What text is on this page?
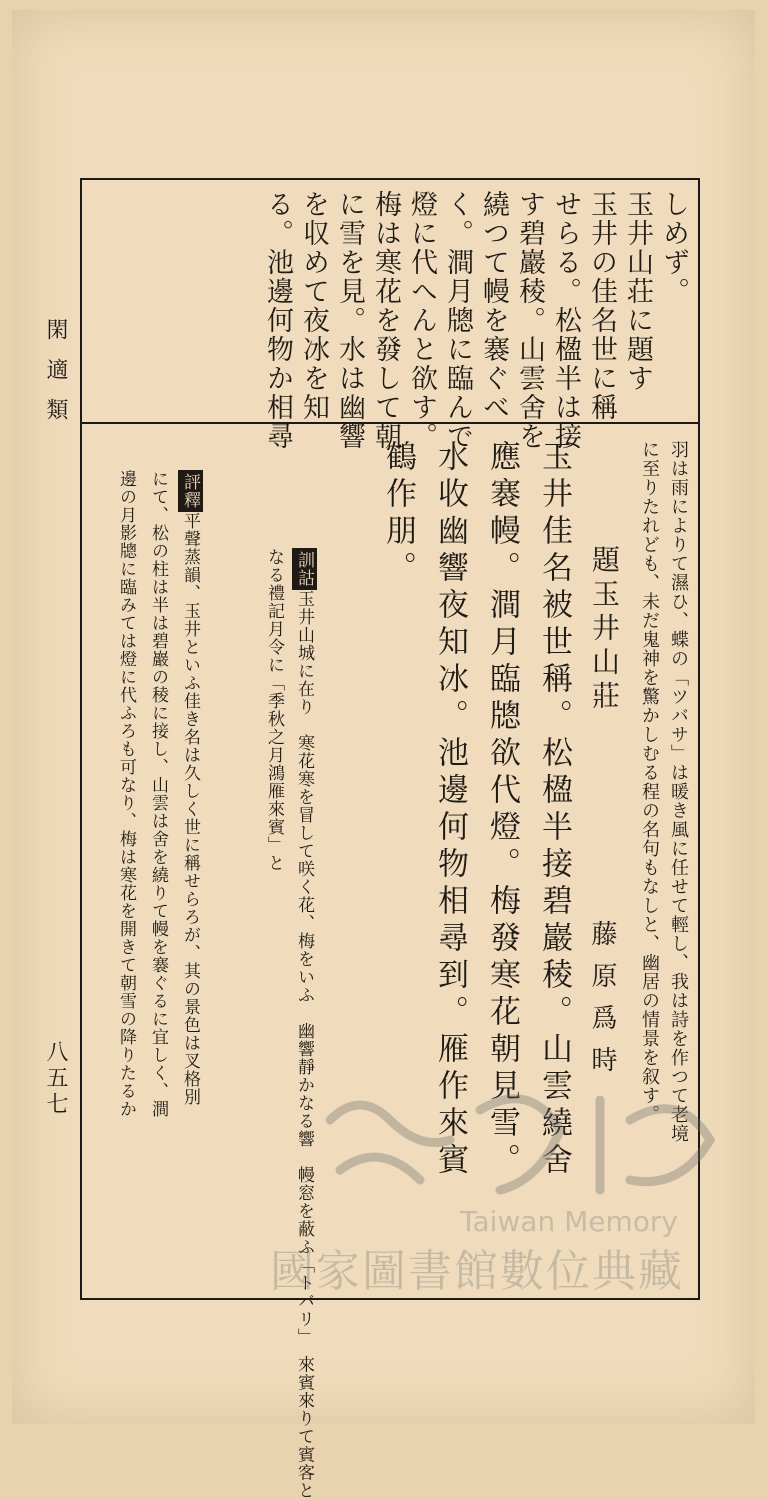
閑適類
八五七
しめず。
玉井山荘に題す
玉井の佳名世に稱
せらる。松楹半は接
す碧巖稜。山雲舍を
繞つて幔を褰ぐべ
く。澗月牕に臨んで
燈に代へんと欲す。
梅は寒花を發して朝
に雪を見。水は幽響
を収めて夜冰を知
る。池邊何物か相尋
羽は雨によりて濕ひ、蝶の「ツバサ」は暖き風に任せて輕し、我は詩を作つて老境
に至りたれども、未だ鬼神を驚かしむる程の名句もなしと、幽居の情景を叙す。
題玉井山莊
藤原爲時
玉井佳名被世稱。松楹半接碧巖稜。山雲繞舍
應褰幔。澗月臨牕欲代燈。梅發寒花朝見雪。
水收幽響夜知冰。池邊何物相尋到。雁作來賓
鶴作朋。
訓詁玉井山城に在り　寒花寒を冒して咲く花、梅をいふ　幽響靜かなる響　幔窓を蔽ふ「トバリ」　來賓來りて賓客と
なる禮記月令に「季秋之月鴻雁來賓」と
評釋平聲蒸韻、玉井といふ佳き名は久しく世に稱せらろが、其の景色は叉格別
にて、松の柱は半は碧巖の稜に接し、山雲は舍を繞りて幔を褰ぐるに宜しく、澗
邊の月影牕に臨みては燈に代ふろも可なり、梅は寒花を開きて朝雪の降りたるか
Taiwan Memory
國家圖書館數位典藏
